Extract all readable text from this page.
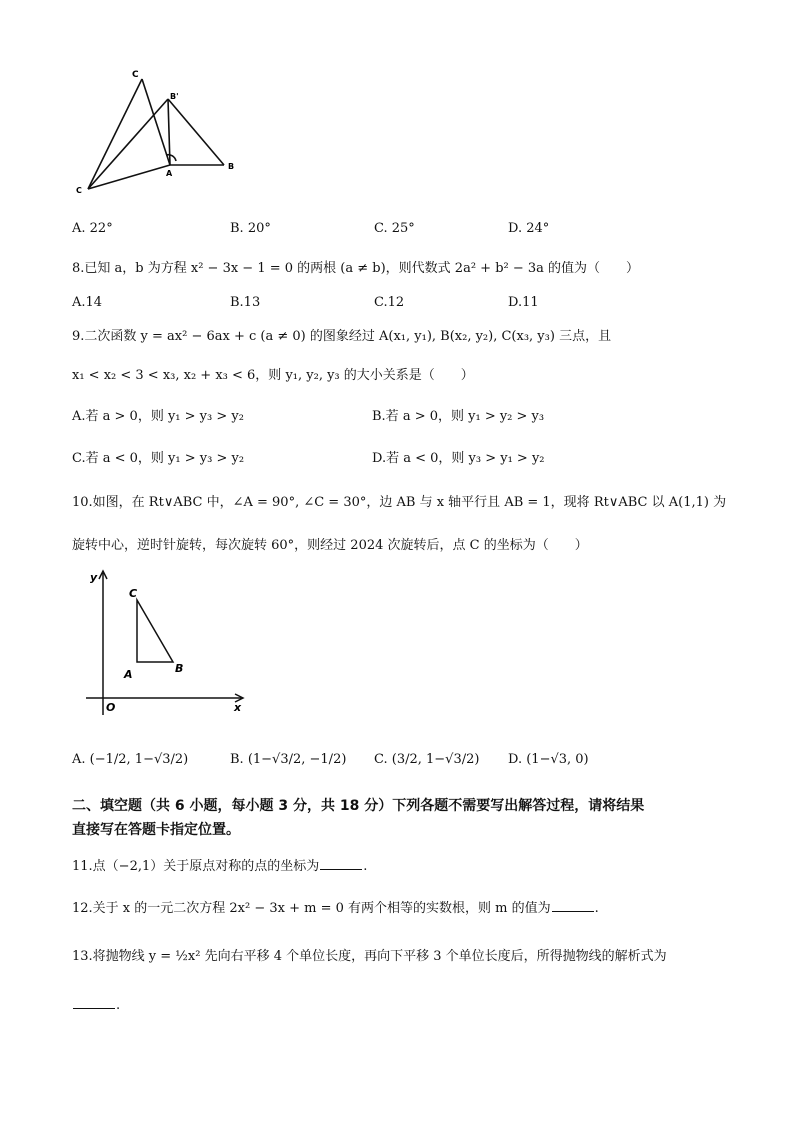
C
B'
A
B
C
A. 22°	B. 20°	C. 25°	D. 24°
8.已知 a，b 为方程 x² − 3x − 1 = 0 的两根 (a ≠ b)，则代数式 2a² + b² − 3a 的值为（　　）
A.14	B.13	C.12	D.11
9.二次函数 y = ax² − 6ax + c (a ≠ 0) 的图象经过 A(x₁, y₁), B(x₂, y₂), C(x₃, y₃) 三点，且
x₁ < x₂ < 3 < x₃, x₂ + x₃ < 6，则 y₁, y₂, y₃ 的大小关系是（　　）
A.若 a > 0，则 y₁ > y₃ > y₂	B.若 a > 0，则 y₁ > y₂ > y₃
C.若 a < 0，则 y₁ > y₃ > y₂	D.若 a < 0，则 y₃ > y₁ > y₂
10.如图，在 Rt∨ABC 中，∠A = 90°, ∠C = 30°，边 AB 与 x 轴平行且 AB = 1，现将 Rt∨ABC 以 A(1,1) 为
旋转中心，逆时针旋转，每次旋转 60°，则经过 2024 次旋转后，点 C 的坐标为（　　）
y
x
O
C
A	B
A. (−1/2, 1−√3/2)	B. (1−√3/2, −1/2) C. (3/2, 1−√3/2) D. (1−√3, 0)
二、填空题（共 6 小题，每小题 3 分，共 18 分）下列各题不需要写出解答过程，请将结果
直接写在答题卡指定位置。
11.点（−2,1）关于原点对称的点的坐标为	.
12.关于 x 的一元二次方程 2x² − 3x + m = 0 有两个相等的实数根，则 m 的值为	.
13.将抛物线 y = ½x² 先向右平移 4 个单位长度，再向下平移 3 个单位长度后，所得抛物线的解析式为
.
